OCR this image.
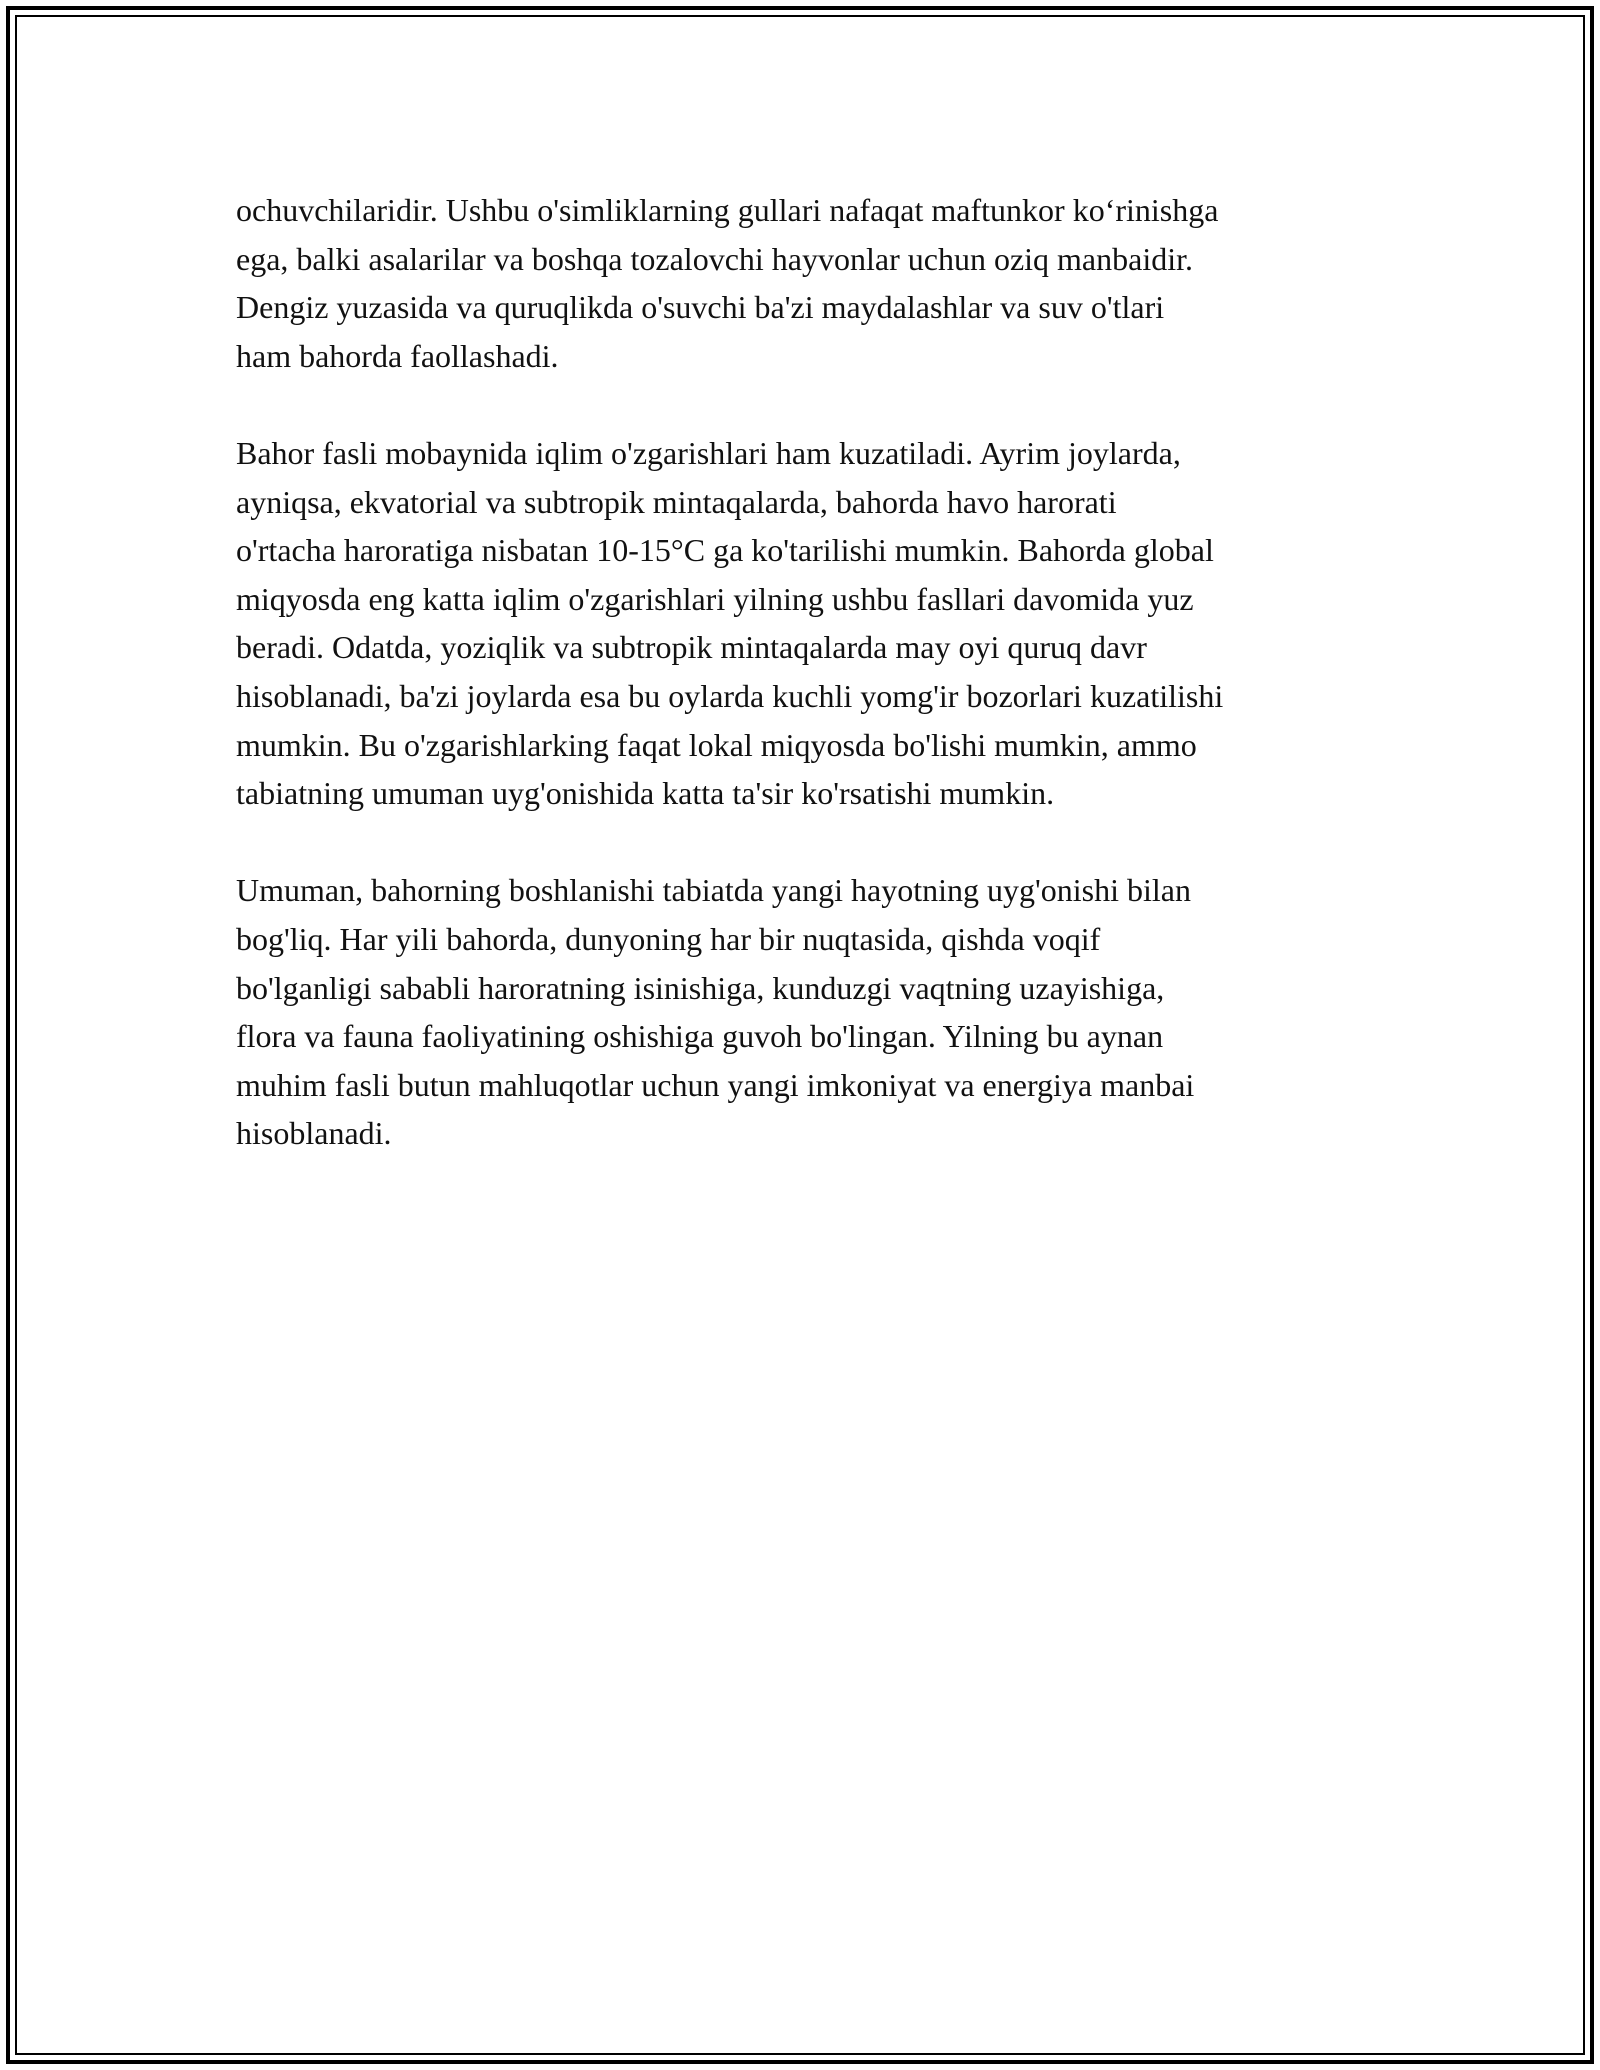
ochuvchilaridir. Ushbu o'simliklarning gullari nafaqat maftunkor ko‘rinishga
ega, balki asalarilar va boshqa tozalovchi hayvonlar uchun oziq manbaidir.
Dengiz yuzasida va quruqlikda o'suvchi ba'zi maydalashlar va suv o'tlari
ham bahorda faollashadi.

Bahor fasli mobaynida iqlim o'zgarishlari ham kuzatiladi. Ayrim joylarda,
ayniqsa, ekvatorial va subtropik mintaqalarda, bahorda havo harorati
o'rtacha haroratiga nisbatan 10-15°C ga ko'tarilishi mumkin. Bahorda global
miqyosda eng katta iqlim o'zgarishlari yilning ushbu fasllari davomida yuz
beradi. Odatda, yoziqlik va subtropik mintaqalarda may oyi quruq davr
hisoblanadi, ba'zi joylarda esa bu oylarda kuchli yomg'ir bozorlari kuzatilishi
mumkin. Bu o'zgarishlarking faqat lokal miqyosda bo'lishi mumkin, ammo
tabiatning umuman uyg'onishida katta ta'sir ko'rsatishi mumkin.

Umuman, bahorning boshlanishi tabiatda yangi hayotning uyg'onishi bilan
bog'liq. Har yili bahorda, dunyoning har bir nuqtasida, qishda voqif
bo'lganligi sababli haroratning isinishiga, kunduzgi vaqtning uzayishiga,
flora va fauna faoliyatining oshishiga guvoh bo'lingan. Yilning bu aynan
muhim fasli butun mahluqotlar uchun yangi imkoniyat va energiya manbai
hisoblanadi.
